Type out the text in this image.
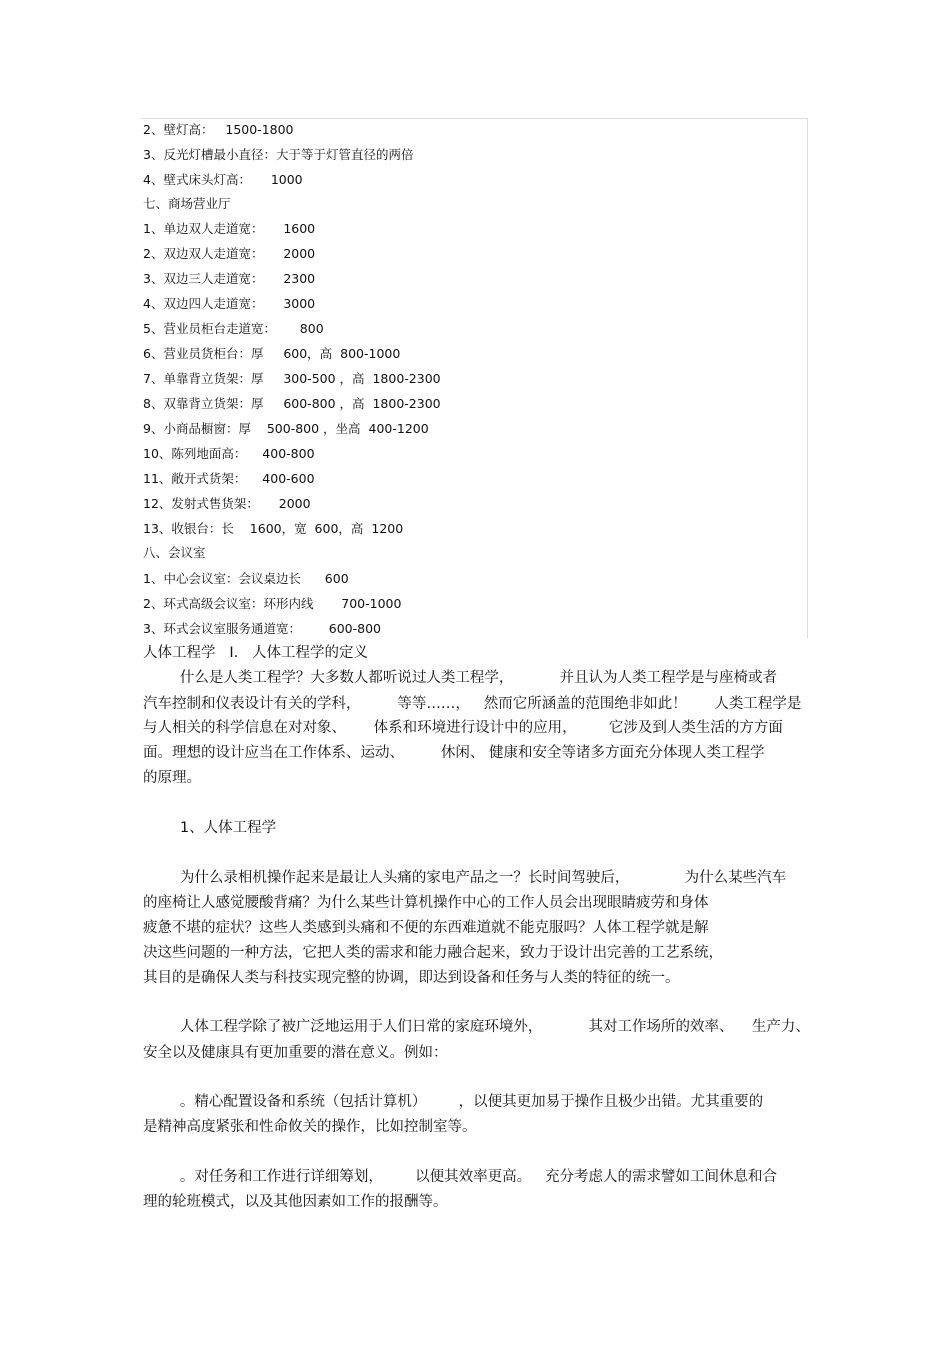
2、壁灯高：   1500-1800
3、反光灯槽最小直径：大于等于灯管直径的两倍
4、壁式床头灯高：     1000
七、商场营业厅
1、单边双人走道宽：     1600
2、双边双人走道宽：     2000
3、双边三人走道宽：     2300
4、双边四人走道宽：     3000
5、营业员柜台走道宽：      800
6、营业员货柜台：厚     600，高  800-1000
7、单靠背立货架：厚     300-500 ，高  1800-2300
8、双靠背立货架：厚     600-800 ，高  1800-2300
9、小商品橱窗：厚    500-800 ，坐高  400-1200
10、陈列地面高：    400-800
11、敞开式货架：    400-600
12、发射式售货架：     2000
13、收银台：长    1600，宽  600，高  1200
八、会议室
1、中心会议室：会议桌边长      600
2、环式高级会议室：环形内线       700-1000
3、环式会议室服务通道宽：       600-800
人体工程学   I.   人体工程学的定义
什么是人类工程学？大多数人都听说过人类工程学，          并且认为人类工程学是与座椅或者
汽车控制和仪表设计有关的学科，        等等……，   然而它所涵盖的范围绝非如此！      人类工程学是
与人相关的科学信息在对对象、      体系和环境进行设计中的应用，       它涉及到人类生活的方方面
面。理想的设计应当在工作体系、运动、        休闲、 健康和安全等诸多方面充分体现人类工程学
的原理。
1、人体工程学
为什么录相机操作起来是最让人头痛的家电产品之一？长时间驾驶后，            为什么某些汽车
的座椅让人感觉腰酸背痛？为什么某些计算机操作中心的工作人员会出现眼睛疲劳和身体
疲惫不堪的症状？这些人类感到头痛和不便的东西难道就不能克服吗？人体工程学就是解
决这些问题的一种方法，它把人类的需求和能力融合起来，致力于设计出完善的工艺系统，
其目的是确保人类与科技实现完整的协调，即达到设备和任务与人类的特征的统一。
人体工程学除了被广泛地运用于人们日常的家庭环境外，          其对工作场所的效率、    生产力、
安全以及健康具有更加重要的潜在意义。例如：
。精心配置设备和系统（包括计算机）       ，以便其更加易于操作且极少出错。尤其重要的
是精神高度紧张和性命攸关的操作，比如控制室等。
。对任务和工作进行详细筹划，       以便其效率更高。   充分考虑人的需求譬如工间休息和合
理的轮班模式，以及其他因素如工作的报酬等。
